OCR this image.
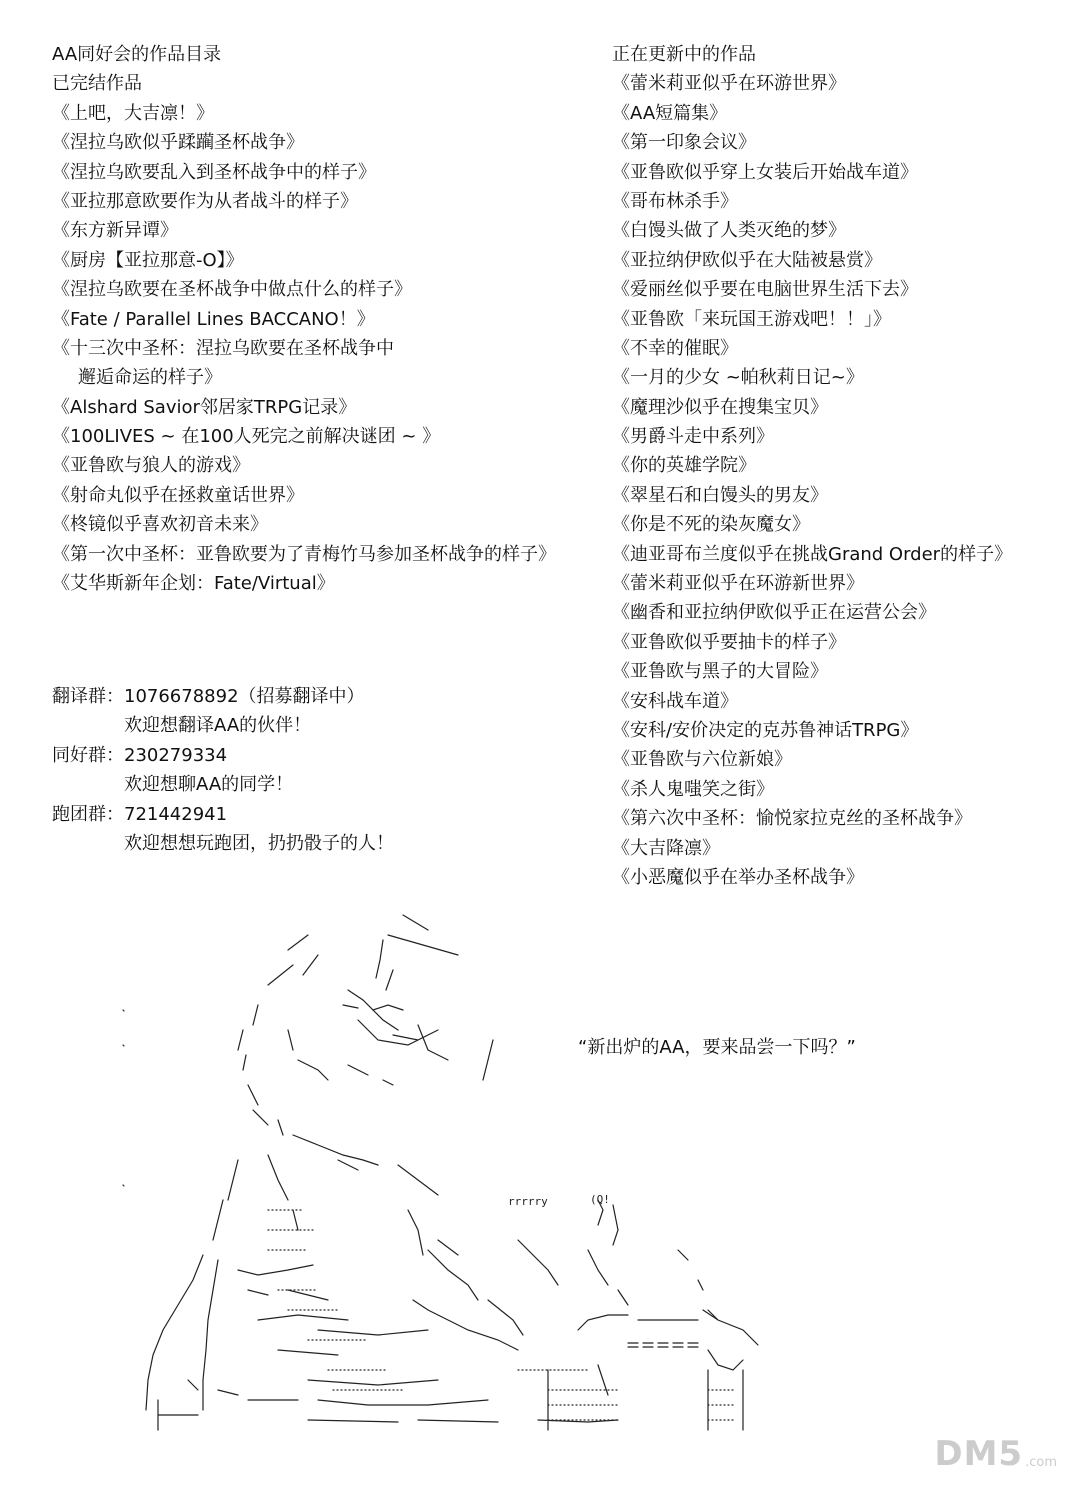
AA同好会的作品目录
已完结作品
《上吧，大吉凛！》
《涅拉乌欧似乎蹂躏圣杯战争》
《涅拉乌欧要乱入到圣杯战争中的样子》
《亚拉那意欧要作为从者战斗的样子》
《东方新异谭》
《厨房【亚拉那意-O】》
《涅拉乌欧要在圣杯战争中做点什么的样子》
《Fate / Parallel Lines BACCANO！》
《十三次中圣杯：涅拉乌欧要在圣杯战争中
邂逅命运的样子》
《Alshard Savior邻居家TRPG记录》
《100LIVES ~ 在100人死完之前解决谜团 ~ 》
《亚鲁欧与狼人的游戏》
《射命丸似乎在拯救童话世界》
《柊镜似乎喜欢初音未来》
《第一次中圣杯：亚鲁欧要为了青梅竹马参加圣杯战争的样子》
《艾华斯新年企划：Fate/Virtual》
正在更新中的作品
《蕾米莉亚似乎在环游世界》
《AA短篇集》
《第一印象会议》
《亚鲁欧似乎穿上女装后开始战车道》
《哥布林杀手》
《白馒头做了人类灭绝的梦》
《亚拉纳伊欧似乎在大陆被悬赏》
《爱丽丝似乎要在电脑世界生活下去》
《亚鲁欧「来玩国王游戏吧！！」》
《不幸的催眠》
《一月的少女 ~帕秋莉日记~》
《魔理沙似乎在搜集宝贝》
《男爵斗走中系列》
《你的英雄学院》
《翠星石和白馒头的男友》
《你是不死的染灰魔女》
《迪亚哥布兰度似乎在挑战Grand Order的样子》
《蕾米莉亚似乎在环游新世界》
《幽香和亚拉纳伊欧似乎正在运营公会》
《亚鲁欧似乎要抽卡的样子》
《亚鲁欧与黑子的大冒险》
《安科战车道》
《安科/安价决定的克苏鲁神话TRPG》
《亚鲁欧与六位新娘》
《杀人鬼嗤笑之街》
《第六次中圣杯：愉悦家拉克丝的圣杯战争》
《大吉降凛》
《小恶魔似乎在举办圣杯战争》
翻译群： 1076678892（招募翻译中）
欢迎想翻译AA的伙伴！
同好群： 230279334
欢迎想聊AA的同学！
跑团群： 721442941
欢迎想想玩跑团，扔扔骰子的人！
rrrrry	(Q!
“新出炉的AA，要来品尝一下吗？”
DM5 .com
